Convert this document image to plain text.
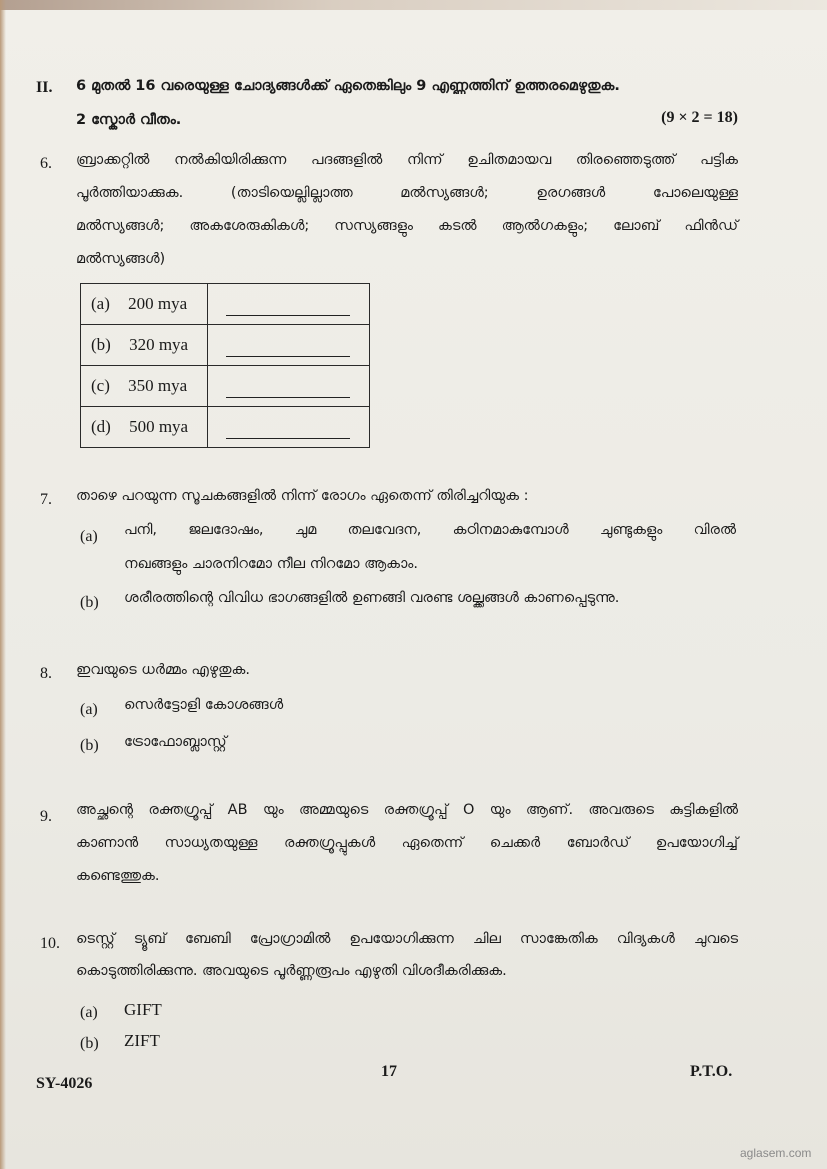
II. 6 മുതൽ 16 വരെയുള്ള ചോദ്യങ്ങൾക്ക് ഏതെങ്കിലും 9 എണ്ണത്തിന് ഉത്തരമെഴുതുക.
2 സ്കോർ വീതം.	(9 × 2 = 18)
6. ബ്രാക്കറ്റിൽ നൽകിയിരിക്കുന്ന പദങ്ങളിൽ നിന്ന് ഉചിതമായവ തിരഞ്ഞെടുത്ത് പട്ടിക
പൂർത്തിയാക്കുക. (താടിയെല്ലില്ലാത്ത മൽസ്യങ്ങൾ; ഉരഗങ്ങൾ പോലെയുള്ള
മൽസ്യങ്ങൾ; അകശേരുകികൾ; സസ്യങ്ങളും കടൽ ആൽഗകളും; ലോബ് ഫിൻഡ്
മൽസ്യങ്ങൾ)
(a) 200 mya	

(b) 320 mya	

(c) 350 mya	

(d) 500 mya	
7. താഴെ പറയുന്ന സൂചകങ്ങളിൽ നിന്ന് രോഗം ഏതെന്ന് തിരിച്ചറിയുക :
(a) പനി, ജലദോഷം, ചുമ തലവേദന, കഠിനമാകുമ്പോൾ ചുണ്ടുകളും വിരൽ
നഖങ്ങളും ചാരനിറമോ നീല നിറമോ ആകാം.
(b) ശരീരത്തിന്റെ വിവിധ ഭാഗങ്ങളിൽ ഉണങ്ങി വരണ്ട ശല്ക്കങ്ങൾ കാണപ്പെടുന്നു.
8. ഇവയുടെ ധർമ്മം എഴുതുക.
(a) സെർട്ടോളി കോശങ്ങൾ
(b) ട്രോഫോബ്ലാസ്റ്റ്
9. അച്ഛന്റെ രക്തഗ്രൂപ്പ് AB യും അമ്മയുടെ രക്തഗ്രൂപ്പ് O യും ആണ്. അവരുടെ കുട്ടികളിൽ
കാണാൻ സാധ്യതയുള്ള രക്തഗ്രൂപ്പുകൾ ഏതെന്ന് ചെക്കർ ബോർഡ് ഉപയോഗിച്ച്
കണ്ടെത്തുക.
10. ടെസ്റ്റ് ട്യൂബ് ബേബി പ്രോഗ്രാമിൽ ഉപയോഗിക്കുന്ന ചില സാങ്കേതിക വിദ്യകൾ ചുവടെ
കൊടുത്തിരിക്കുന്നു. അവയുടെ പൂർണ്ണരൂപം എഴുതി വിശദീകരിക്കുക.
(a) GIFT
(b) ZIFT
SY-4026
17	P.T.O.
aglasem.com
